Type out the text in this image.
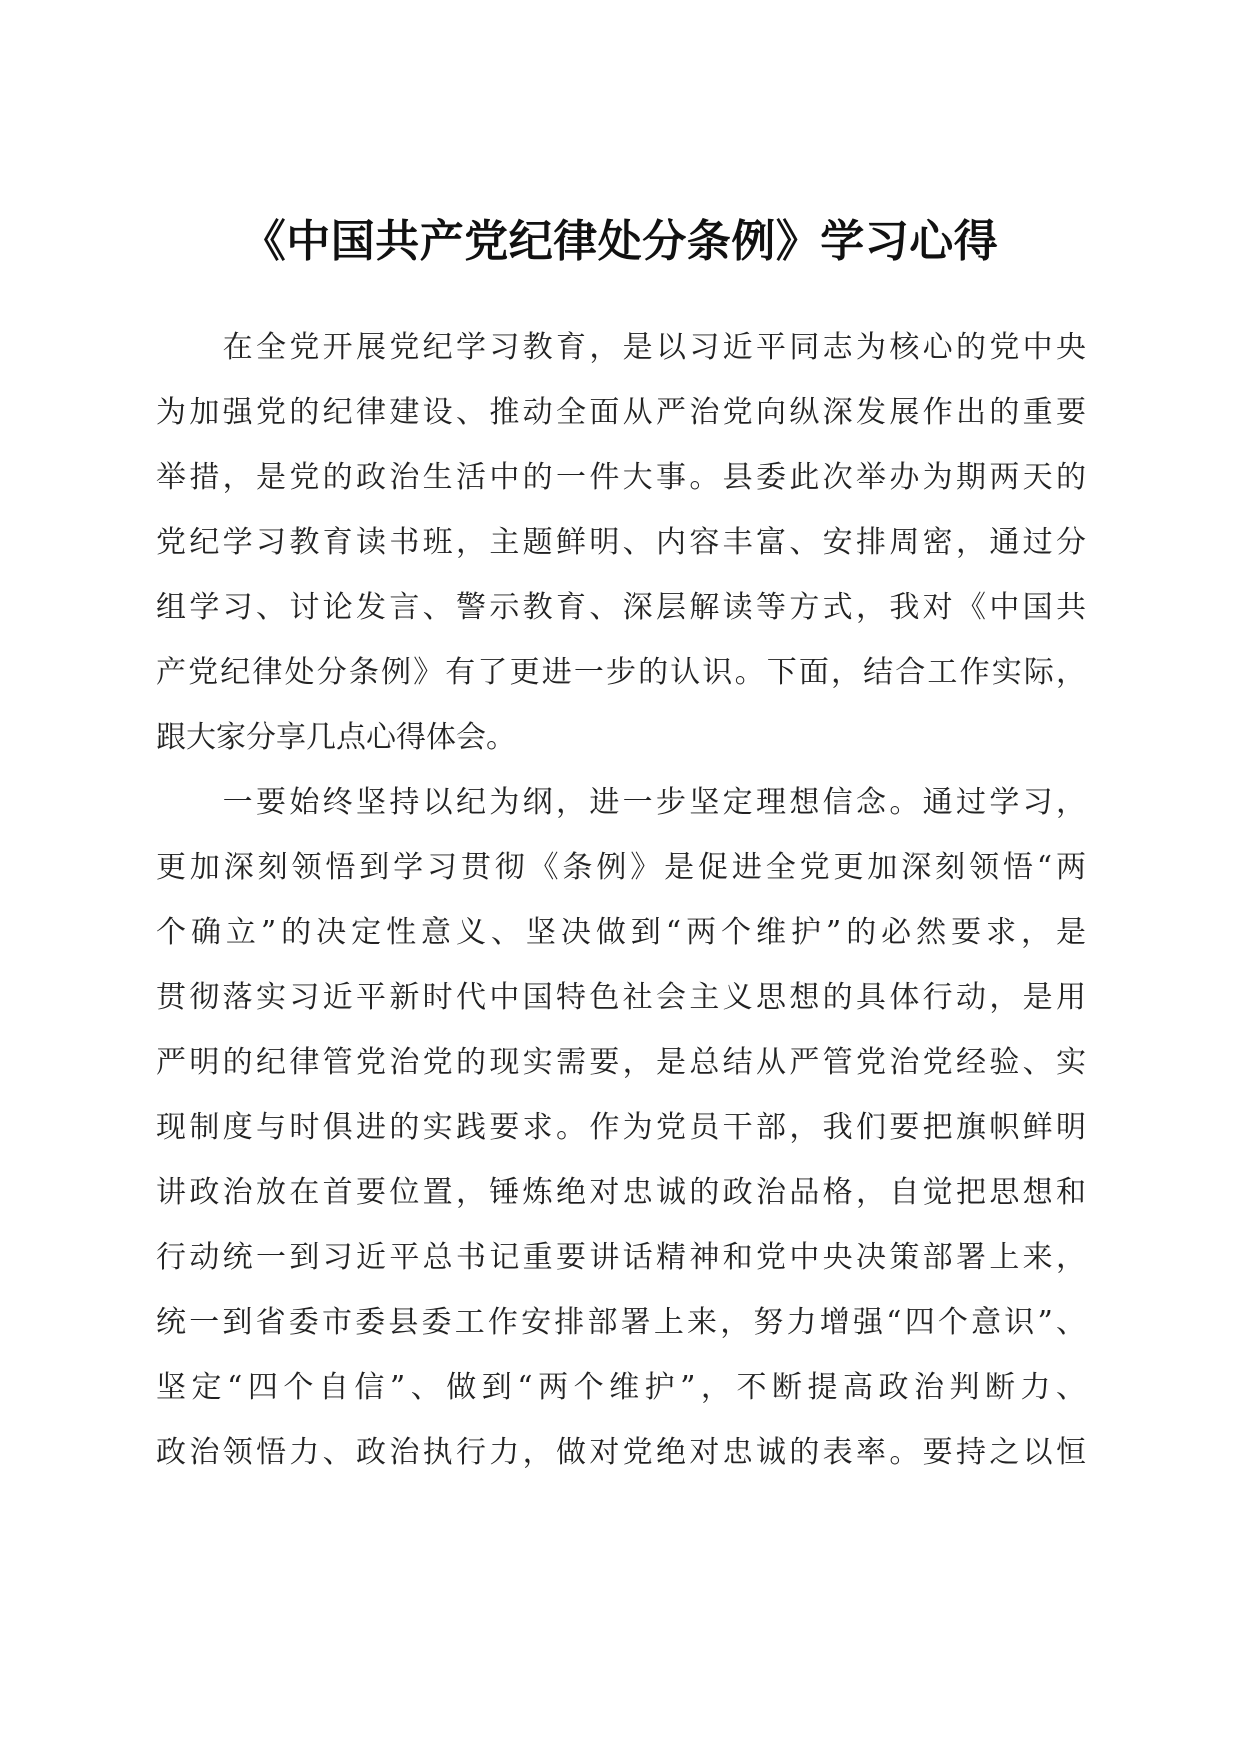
《中国共产党纪律处分条例》学习心得

　　在全党开展党纪学习教育，是以习近平同志为核心的党中央
为加强党的纪律建设、推动全面从严治党向纵深发展作出的重要
举措，是党的政治生活中的一件大事。县委此次举办为期两天的
党纪学习教育读书班，主题鲜明、内容丰富、安排周密，通过分
组学习、讨论发言、警示教育、深层解读等方式，我对《中国共
产党纪律处分条例》有了更进一步的认识。下面，结合工作实际，
跟大家分享几点心得体会。

　　一要始终坚持以纪为纲，进一步坚定理想信念。通过学习，
更加深刻领悟到学习贯彻《条例》是促进全党更加深刻领悟“两
个确立”的决定性意义、坚决做到“两个维护”的必然要求，是
贯彻落实习近平新时代中国特色社会主义思想的具体行动，是用
严明的纪律管党治党的现实需要，是总结从严管党治党经验、实
现制度与时俱进的实践要求。作为党员干部，我们要把旗帜鲜明
讲政治放在首要位置，锤炼绝对忠诚的政治品格，自觉把思想和
行动统一到习近平总书记重要讲话精神和党中央决策部署上来，
统一到省委市委县委工作安排部署上来，努力增强“四个意识”、
坚定“四个自信”、做到“两个维护”，不断提高政治判断力、
政治领悟力、政治执行力，做对党绝对忠诚的表率。要持之以恒
